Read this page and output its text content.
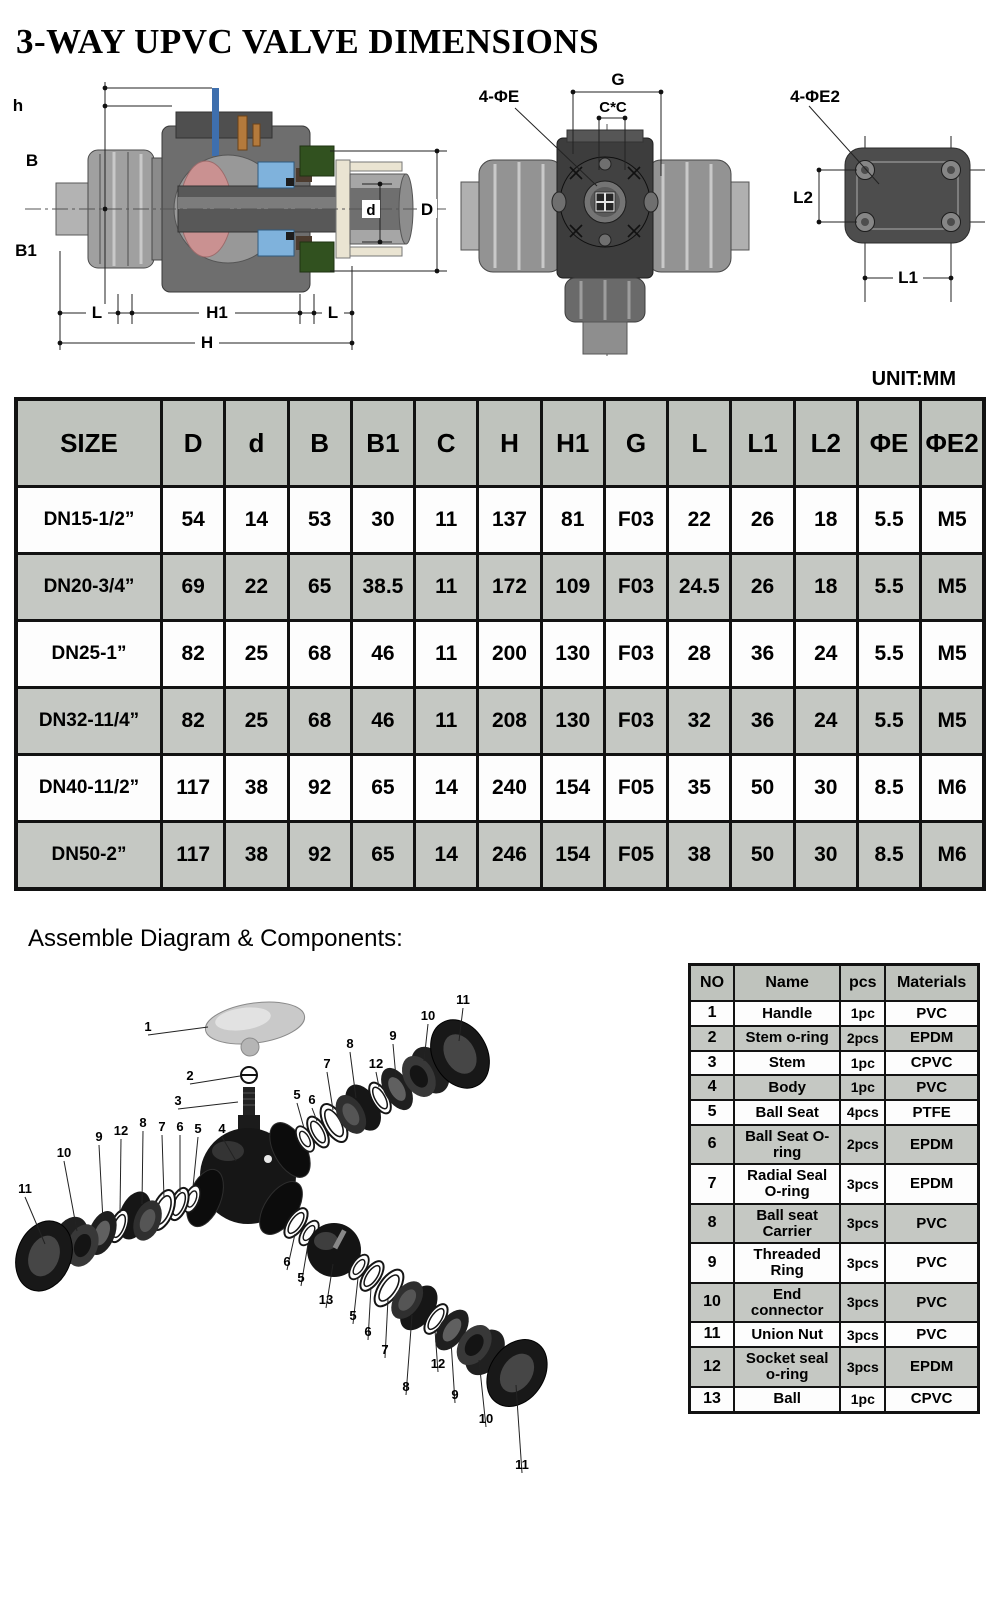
3-WAY UPVC VALVE DIMENSIONS
h
B
B1
L	H1	L
H
d	D
G
C*C
4-ΦE	4-ΦE2
L2
L1
UNIT:MM
SIZE	D	d	B	B1	C	H	H1	G	L	L1	L2	ΦE	ΦE2
DN15-1/2”	54	14	53	30	11	137	81	F03	22	26	18	5.5	M5
DN20-3/4”	69	22	65	38.5	11	172	109	F03	24.5	26	18	5.5	M5
DN25-1”	82	25	68	46	11	200	130	F03	28	36	24	5.5	M5
DN32-11/4”	82	25	68	46	11	208	130	F03	32	36	24	5.5	M5
DN40-11/2”	117	38	92	65	14	240	154	F05	35	50	30	8.5	M6
DN50-2”	117	38	92	65	14	246	154	F05	38	50	30	8.5	M6
Assemble Diagram & Components:
1
2
3
4
5
6
7
8
12
9
10
11
5 6
7
8
12
9
10
11
6
5
13
5
6
7
8
12
9
10
11
NO	Name	pcs	Materials
1	Handle	1pc	PVC
2	Stem o-ring	2pcs	EPDM
3	Stem	1pc	CPVC
4	Body	1pc	PVC
5	Ball Seat	4pcs	PTFE
6	Ball Seat O-ring	2pcs	EPDM
7	Radial Seal O-ring	3pcs	EPDM
8	Ball seat Carrier	3pcs	PVC
9	Threaded Ring	3pcs	PVC
10	End connector	3pcs	PVC
11	Union Nut	3pcs	PVC
12	Socket seal o-ring	3pcs	EPDM
13	Ball	1pc	CPVC
